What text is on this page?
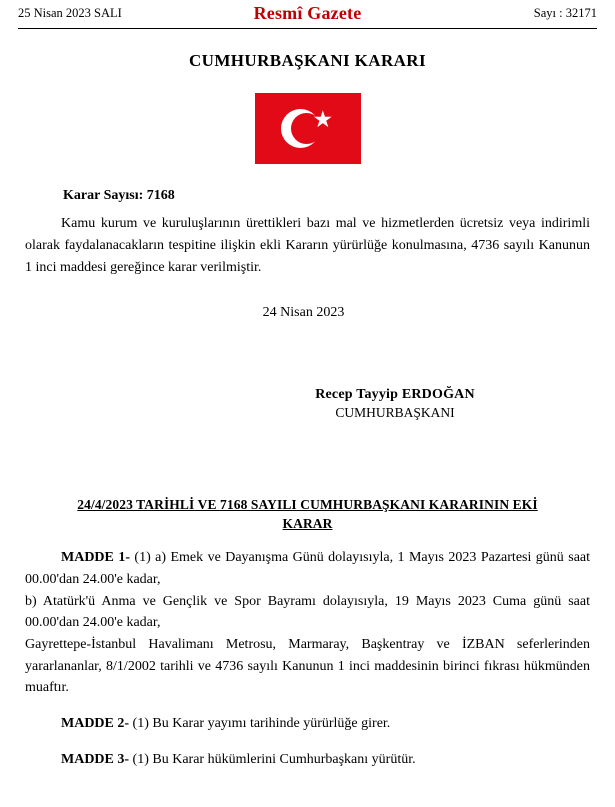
25 Nisan 2023 SALI	Resmî Gazete	Sayı : 32171
CUMHURBAŞKANI KARARI
Karar Sayısı: 7168
Kamu kurum ve kuruluşlarının ürettikleri bazı mal ve hizmetlerden ücretsiz veya indirimli olarak faydalanacakların tespitine ilişkin ekli Kararın yürürlüğe konulmasına, 4736 sayılı Kanunun 1 inci maddesi gereğince karar verilmiştir.
24 Nisan 2023
Recep Tayyip ERDOĞAN
CUMHURBAŞKANI
24/4/2023 TARİHLİ VE 7168 SAYILI CUMHURBAŞKANI KARARININ EKİ
KARAR
MADDE 1- (1) a) Emek ve Dayanışma Günü dolayısıyla, 1 Mayıs 2023 Pazartesi günü saat 00.00'dan 24.00'e kadar,
b) Atatürk'ü Anma ve Gençlik ve Spor Bayramı dolayısıyla, 19 Mayıs 2023 Cuma günü saat 00.00'dan 24.00'e kadar,
Gayrettepe-İstanbul Havalimanı Metrosu, Marmaray, Başkentray ve İZBAN seferlerinden yararlananlar, 8/1/2002 tarihli ve 4736 sayılı Kanunun 1 inci maddesinin birinci fıkrası hükmünden muaftır.
MADDE 2- (1) Bu Karar yayımı tarihinde yürürlüğe girer.
MADDE 3- (1) Bu Karar hükümlerini Cumhurbaşkanı yürütür.
